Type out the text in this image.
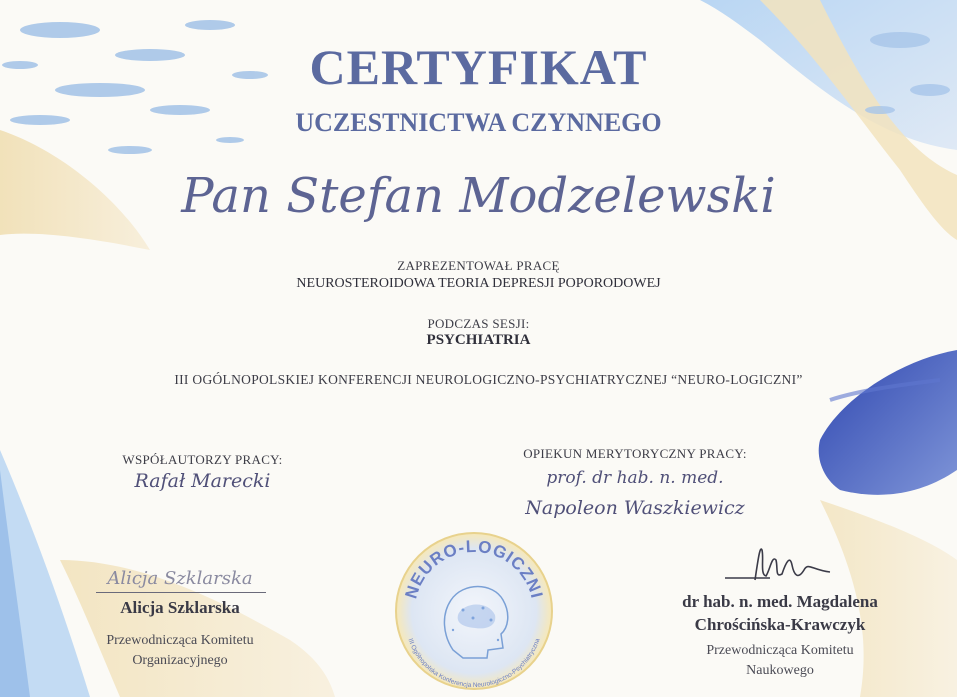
CERTYFIKAT
UCZESTNICTWA CZYNNEGO
Pan Stefan Modzelewski
ZAPREZENTOWAŁ PRACĘ
NEUROSTEROIDOWA TEORIA DEPRESJI POPORODOWEJ
PODCZAS SESJI:
PSYCHIATRIA
III OGÓLNOPOLSKIEJ KONFERENCJI NEUROLOGICZNO-PSYCHIATRYCZNEJ “NEURO-LOGICZNI”
WSPÓŁAUTORZY PRACY:
Rafał Marecki
OPIEKUN MERYTORYCZNY PRACY:
prof. dr hab. n. med.
Napoleon Waszkiewicz
NEURO-LOGICZNI
III Ogólnopolska Konferencja Neurologiczno-Psychiatryczna
Alicja Szklarska
Alicja Szklarska
Przewodnicząca Komitetu
Organizacyjnego
dr hab. n. med. Magdalena
Chrościńska-Krawczyk
Przewodnicząca Komitetu
Naukowego
